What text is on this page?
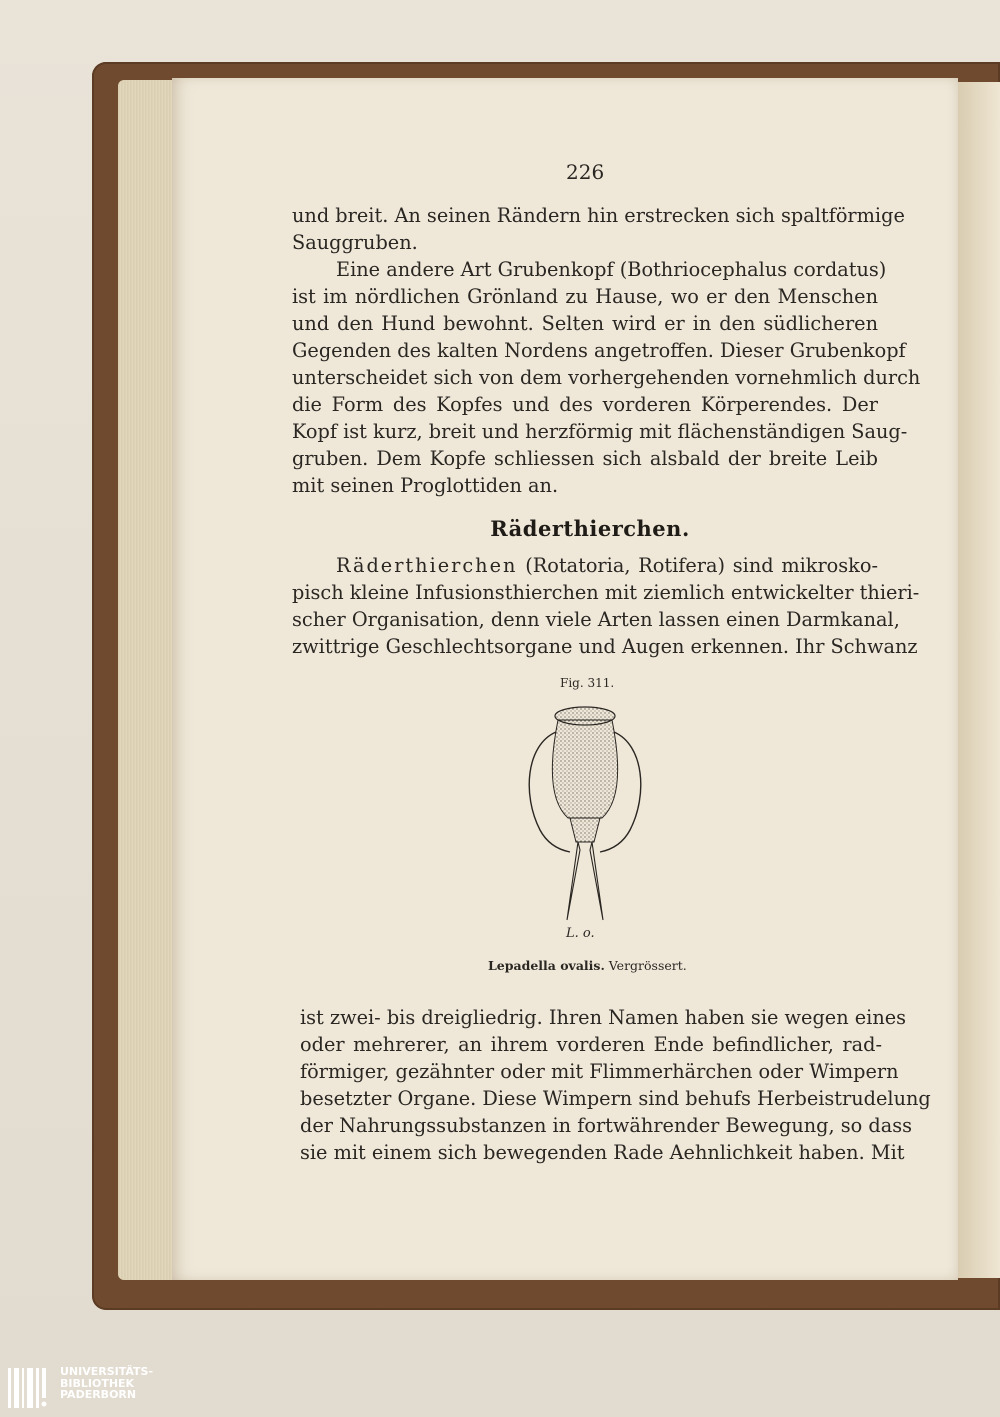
226
und breit. An seinen Rändern hin erstrecken sich spaltförmige
Sauggruben.
Eine andere Art Grubenkopf (Bothriocephalus cordatus)
ist im nördlichen Grönland zu Hause, wo er den Menschen
und den Hund bewohnt. Selten wird er in den südlicheren
Gegenden des kalten Nordens angetroffen. Dieser Grubenkopf
unterscheidet sich von dem vorhergehenden vornehmlich durch
die Form des Kopfes und des vorderen Körperendes. Der
Kopf ist kurz, breit und herzförmig mit flächenständigen Saug-
gruben. Dem Kopfe schliessen sich alsbald der breite Leib
mit seinen Proglottiden an.
Räderthierchen.
Räderthierchen (Rotatoria, Rotifera) sind mikrosko-
pisch kleine Infusionsthierchen mit ziemlich entwickelter thieri-
scher Organisation, denn viele Arten lassen einen Darmkanal,
zwittrige Geschlechtsorgane und Augen erkennen. Ihr Schwanz
Fig. 311.
L. o.
Lepadella ovalis. Vergrössert.
ist zwei- bis dreigliedrig. Ihren Namen haben sie wegen eines
oder mehrerer, an ihrem vorderen Ende befindlicher, rad-
förmiger, gezähnter oder mit Flimmerhärchen oder Wimpern
besetzter Organe. Diese Wimpern sind behufs Herbeistrudelung
der Nahrungssubstanzen in fortwährender Bewegung, so dass
sie mit einem sich bewegenden Rade Aehnlichkeit haben. Mit
UNIVERSITÄTS-
BIBLIOTHEK
PADERBORN
